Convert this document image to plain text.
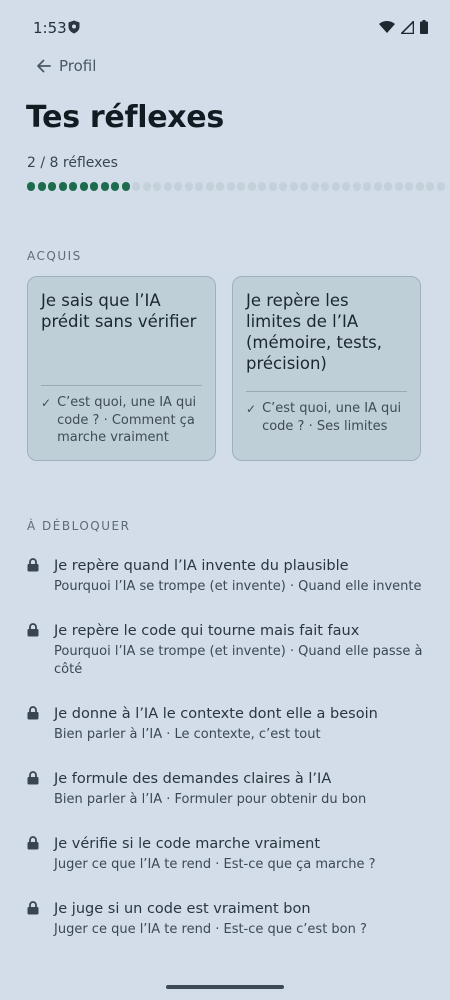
1:53
Profil
Tes réflexes
2 / 8 réflexes
ACQUIS
Je sais que l’IA prédit sans vérifier
✓ C’est quoi, une IA qui code ? · Comment ça marche vraiment
Je repère les limites de l’IA (mémoire, tests, précision)
✓ C’est quoi, une IA qui code ? · Ses limites
À DÉBLOQUER
Je repère quand l’IA invente du plausible
Pourquoi l’IA se trompe (et invente) · Quand elle invente
Je repère le code qui tourne mais fait faux
Pourquoi l’IA se trompe (et invente) · Quand elle passe à côté
Je donne à l’IA le contexte dont elle a besoin
Bien parler à l’IA · Le contexte, c’est tout
Je formule des demandes claires à l’IA
Bien parler à l’IA · Formuler pour obtenir du bon
Je vérifie si le code marche vraiment
Juger ce que l’IA te rend · Est-ce que ça marche ?
Je juge si un code est vraiment bon
Juger ce que l’IA te rend · Est-ce que c’est bon ?
